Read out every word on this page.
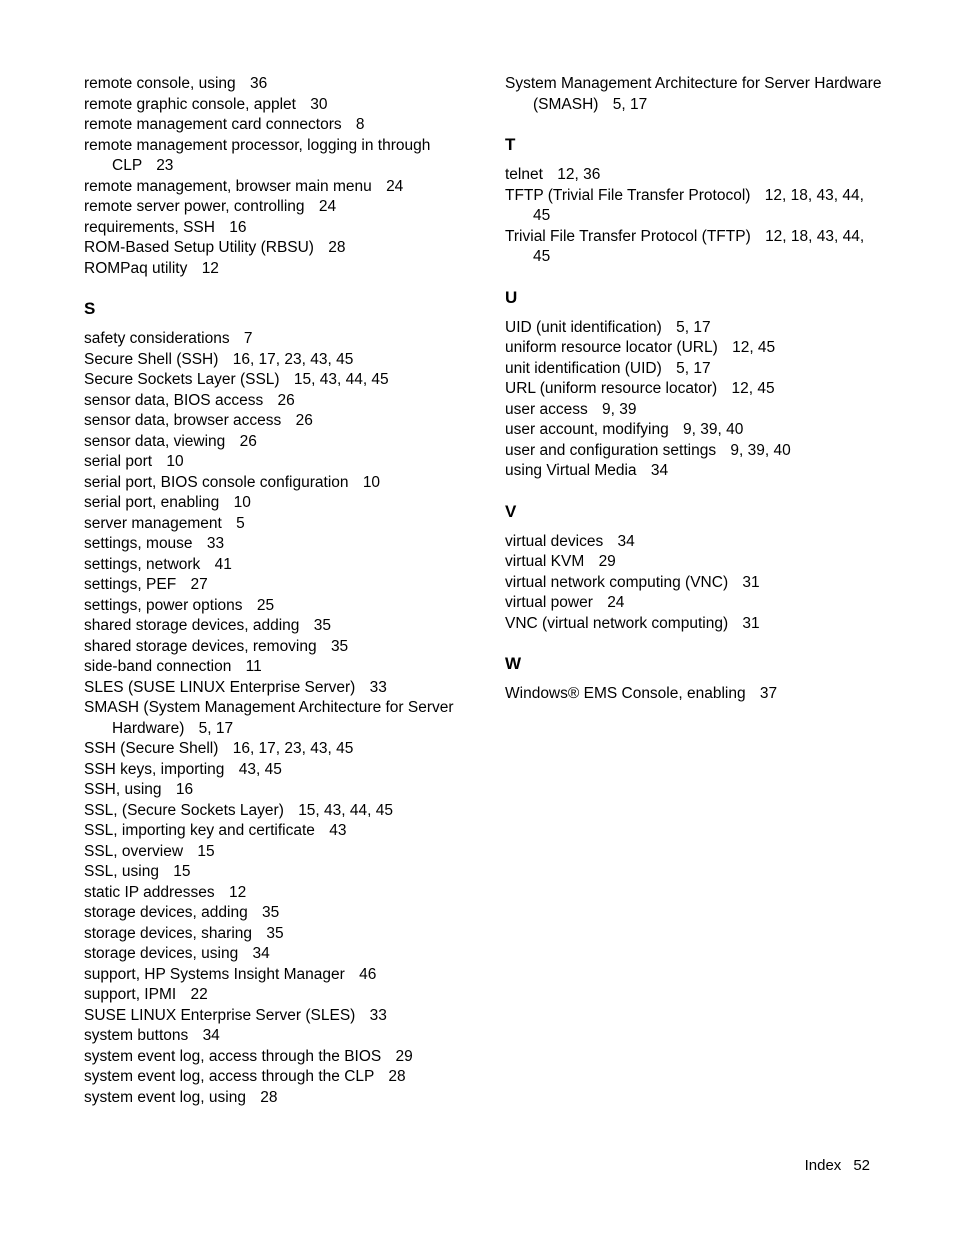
remote console, using 36
remote graphic console, applet 30
remote management card connectors 8
remote management processor, logging in through CLP 23
remote management, browser main menu 24
remote server power, controlling 24
requirements, SSH 16
ROM-Based Setup Utility (RBSU) 28
ROMPaq utility 12
S
safety considerations 7
Secure Shell (SSH) 16, 17, 23, 43, 45
Secure Sockets Layer (SSL) 15, 43, 44, 45
sensor data, BIOS access 26
sensor data, browser access 26
sensor data, viewing 26
serial port 10
serial port, BIOS console configuration 10
serial port, enabling 10
server management 5
settings, mouse 33
settings, network 41
settings, PEF 27
settings, power options 25
shared storage devices, adding 35
shared storage devices, removing 35
side-band connection 11
SLES (SUSE LINUX Enterprise Server) 33
SMASH (System Management Architecture for Server Hardware) 5, 17
SSH (Secure Shell) 16, 17, 23, 43, 45
SSH keys, importing 43, 45
SSH, using 16
SSL, (Secure Sockets Layer) 15, 43, 44, 45
SSL, importing key and certificate 43
SSL, overview 15
SSL, using 15
static IP addresses 12
storage devices, adding 35
storage devices, sharing 35
storage devices, using 34
support, HP Systems Insight Manager 46
support, IPMI 22
SUSE LINUX Enterprise Server (SLES) 33
system buttons 34
system event log, access through the BIOS 29
system event log, access through the CLP 28
system event log, using 28
System Management Architecture for Server Hardware (SMASH) 5, 17
T
telnet 12, 36
TFTP (Trivial File Transfer Protocol) 12, 18, 43, 44, 45
Trivial File Transfer Protocol (TFTP) 12, 18, 43, 44, 45
U
UID (unit identification) 5, 17
uniform resource locator (URL) 12, 45
unit identification (UID) 5, 17
URL (uniform resource locator) 12, 45
user access 9, 39
user account, modifying 9, 39, 40
user and configuration settings 9, 39, 40
using Virtual Media 34
V
virtual devices 34
virtual KVM 29
virtual network computing (VNC) 31
virtual power 24
VNC (virtual network computing) 31
W
Windows® EMS Console, enabling 37
Index 52
